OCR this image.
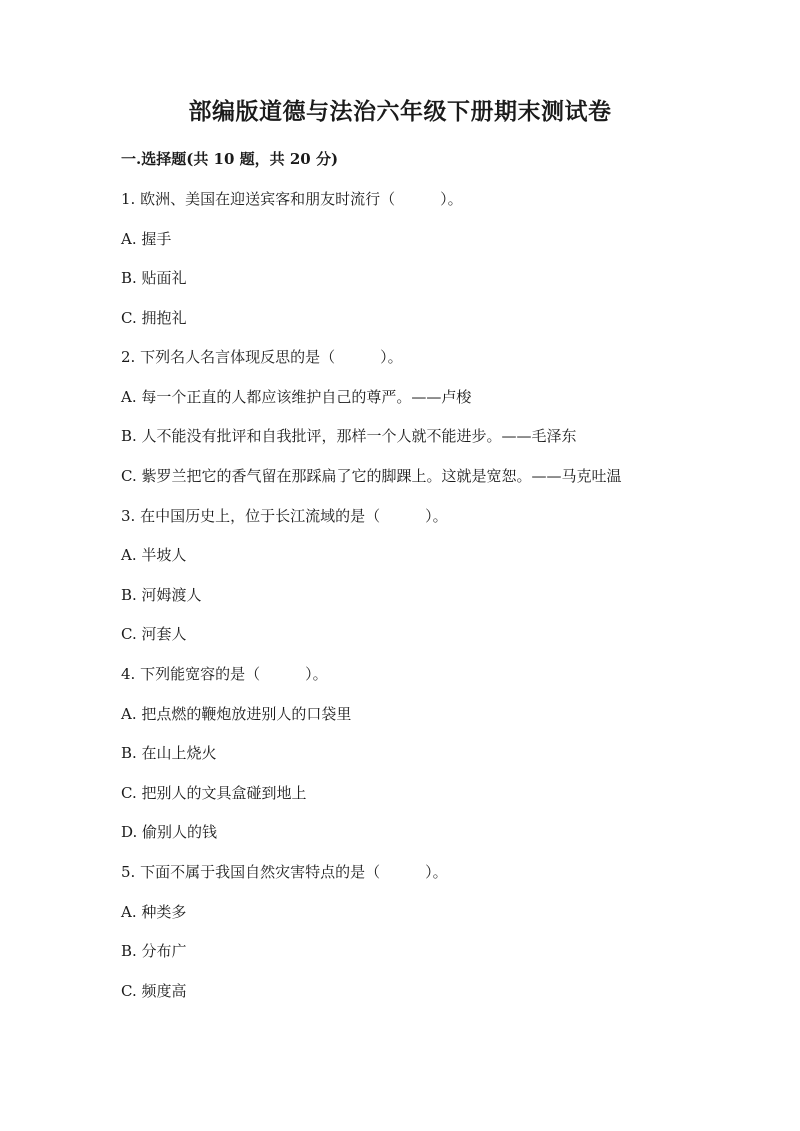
部编版道德与法治六年级下册期末测试卷
一.选择题(共 10 题，共 20 分)
1. 欧洲、美国在迎送宾客和朋友时流行（　　　）。
A. 握手
B. 贴面礼
C. 拥抱礼
2. 下列名人名言体现反思的是（　　　）。
A. 每一个正直的人都应该维护自己的尊严。——卢梭
B. 人不能没有批评和自我批评，那样一个人就不能进步。——毛泽东
C. 紫罗兰把它的香气留在那踩扁了它的脚踝上。这就是宽恕。——马克吐温
3. 在中国历史上，位于长江流域的是（　　　）。
A. 半坡人
B. 河姆渡人
C. 河套人
4. 下列能宽容的是（　　　）。
A. 把点燃的鞭炮放进别人的口袋里
B. 在山上烧火
C. 把别人的文具盒碰到地上
D. 偷别人的钱
5. 下面不属于我国自然灾害特点的是（　　　）。
A. 种类多
B. 分布广
C. 频度高
